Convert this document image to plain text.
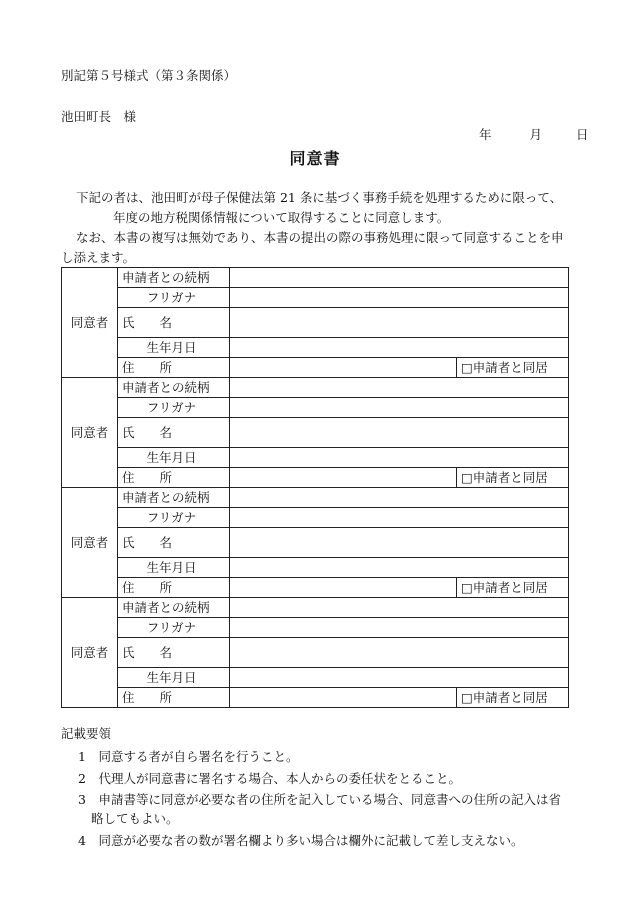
別記第５号様式（第３条関係）
池田町長　様
年	月	日
同意書
下記の者は、池田町が母子保健法第 21 条に基づく事務手続を処理するために限って、
年度の地方税関係情報について取得することに同意します。
なお、本書の複写は無効であり、本書の提出の際の事務処理に限って同意することを申
し添えます。
同意者	申請者との続柄		
	フリガナ		
	氏　　名		
	生年月日		
	住　　所		□申請者と同居
同意者	申請者との続柄		
	フリガナ		
	氏　　名		
	生年月日		
	住　　所		□申請者と同居
同意者	申請者との続柄		
	フリガナ		
	氏　　名		
	生年月日		
	住　　所		□申請者と同居
同意者	申請者との続柄		
	フリガナ		
	氏　　名		
	生年月日		
	住　　所		□申請者と同居
記載要領
1　同意する者が自ら署名を行うこと。
2　代理人が同意書に署名する場合、本人からの委任状をとること。
3　申請書等に同意が必要な者の住所を記入している場合、同意書への住所の記入は省
略してもよい。
4　同意が必要な者の数が署名欄より多い場合は欄外に記載して差し支えない。
